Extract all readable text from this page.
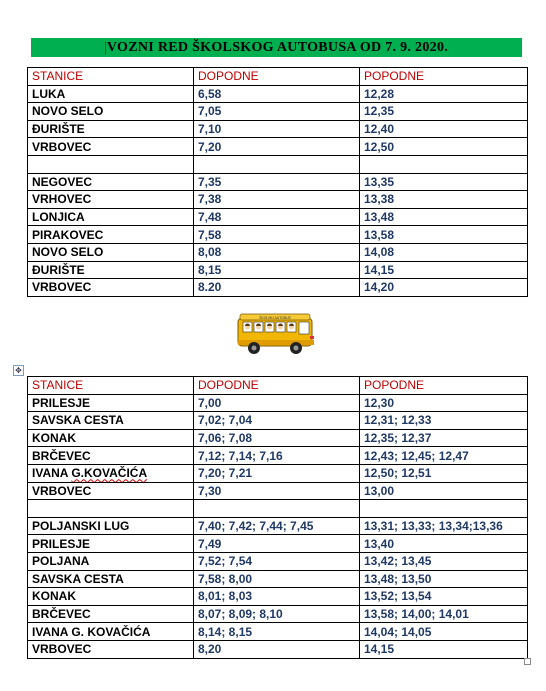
VOZNI RED ŠKOLSKOG AUTOBUSA OD 7. 9. 2020.
STANICE	DOPODNE	POPODNE
LUKA	6,58	12,28
NOVO SELO	7,05	12,35
ĐURIŠTE	7,10	12,40
VRBOVEC	7,20	12,50

NEGOVEC	7,35	13,35
VRHOVEC	7,38	13,38
LONJICA	7,48	13,48
PIRAKOVEC	7,58	13,58
NOVO SELO	8,08	14,08
ĐURIŠTE	8,15	14,15
VRBOVEC	8.20	14,20
ŠKOLSKI AUTOBUS
✥
STANICE	DOPODNE	POPODNE
PRILESJE	7,00	12,30
SAVSKA CESTA	7,02; 7,04	12,31; 12,33
KONAK	7,06; 7,08	12,35; 12,37
BRČEVEC	7,12; 7,14; 7,16	12,43; 12,45; 12,47
IVANA G.KOVAČIĆA	7,20; 7,21	12,50; 12,51
VRBOVEC	7,30	13,00

POLJANSKI LUG	7,40; 7,42; 7,44; 7,45	13,31; 13,33; 13,34;13,36
PRILESJE	7,49	13,40
POLJANA	7,52; 7,54	13,42; 13,45
SAVSKA CESTA	7,58; 8,00	13,48; 13,50
KONAK	8,01; 8,03	13,52; 13,54
BRČEVEC	8,07; 8,09; 8,10	13,58; 14,00; 14,01
IVANA G. KOVAČIĆA	8,14; 8,15	14,04; 14,05
VRBOVEC	8,20	14,15
